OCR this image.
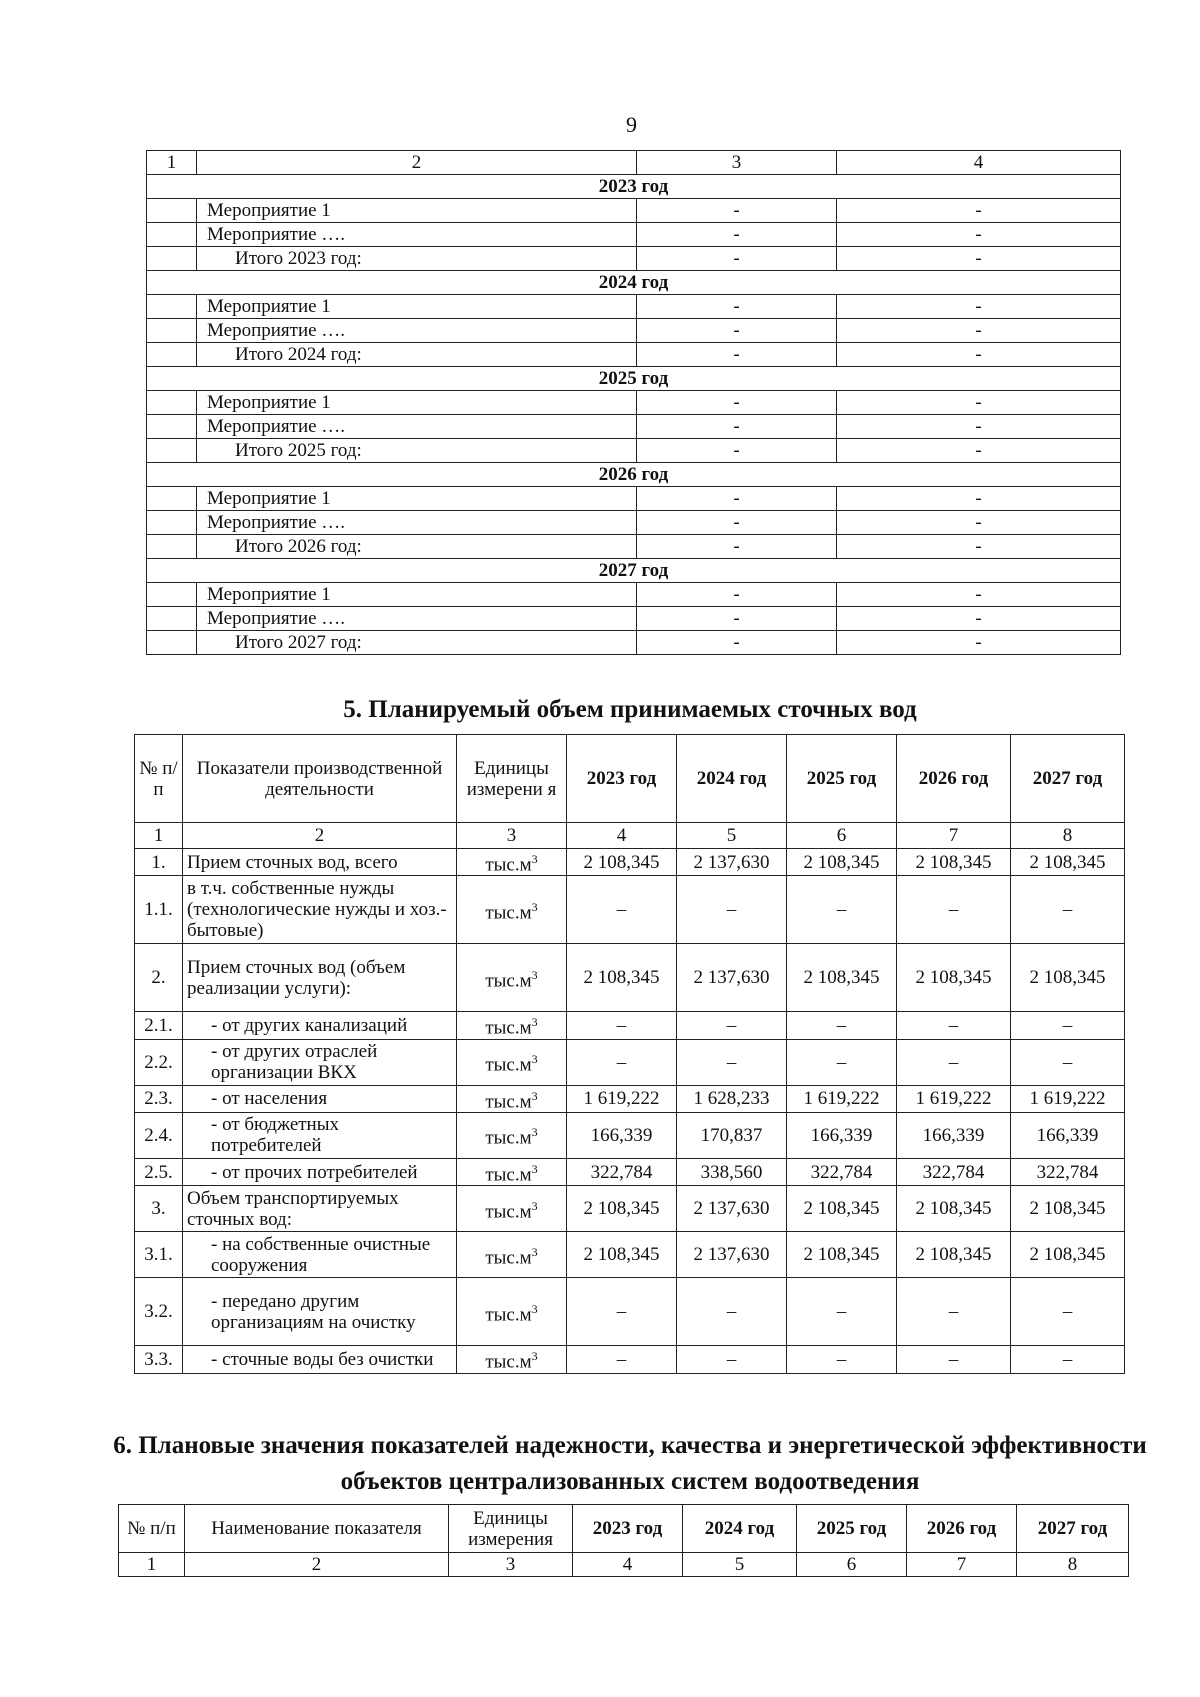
9
1	2	3	4
2023 год			
	Мероприятие 1	-	-
	Мероприятие ….	-	-
	Итого 2023 год:	-	-
2024 год			
	Мероприятие 1	-	-
	Мероприятие ….	-	-
	Итого 2024 год:	-	-
2025 год			
	Мероприятие 1	-	-
	Мероприятие ….	-	-
	Итого 2025 год:	-	-
2026 год			
	Мероприятие 1	-	-
	Мероприятие ….	-	-
	Итого 2026 год:	-	-
2027 год			
	Мероприятие 1	-	-
	Мероприятие ….	-	-
	Итого 2027 год:	-	-
5. Планируемый объем принимаемых сточных вод
№ п/п	Показатели производственной деятельности	Единицы измерени я	2023 год	2024 год	2025 год	2026 год	2027 год
1	2	3	4	5	6	7	8
1.	Прием сточных вод, всего	$тыс.м^3$	2 108,345	2 137,630	2 108,345	2 108,345	2 108,345
1.1.	в т.ч. собственные нужды (технологические нужды и хоз.-бытовые)	$тыс.м^3$	–	–	–	–	–
2.	Прием сточных вод (объем реализации услуги):	$тыс.м^3$	2 108,345	2 137,630	2 108,345	2 108,345	2 108,345
2.1.	- от других канализаций	$тыс.м^3$	–	–	–	–	–
2.2.	- от других отраслей организации ВКХ	$тыс.м^3$	–	–	–	–	–
2.3.	- от населения	$тыс.м^3$	1 619,222	1 628,233	1 619,222	1 619,222	1 619,222
2.4.	- от бюджетных потребителей	$тыс.м^3$	166,339	170,837	166,339	166,339	166,339
2.5.	- от прочих потребителей	$тыс.м^3$	322,784	338,560	322,784	322,784	322,784
3.	Объем транспортируемых сточных вод:	$тыс.м^3$	2 108,345	2 137,630	2 108,345	2 108,345	2 108,345
3.1.	- на собственные очистные сооружения	$тыс.м^3$	2 108,345	2 137,630	2 108,345	2 108,345	2 108,345
3.2.	- передано другим организациям на очистку	$тыс.м^3$	–	–	–	–	–
3.3.	- сточные воды без очистки	$тыс.м^3$	–	–	–	–	–
6. Плановые значения показателей надежности, качества и энергетической эффективности объектов централизованных систем водоотведения
№ п/п	Наименование показателя	Единицы измерения	2023 год	2024 год	2025 год	2026 год	2027 год
1	2	3	4	5	6	7	8
